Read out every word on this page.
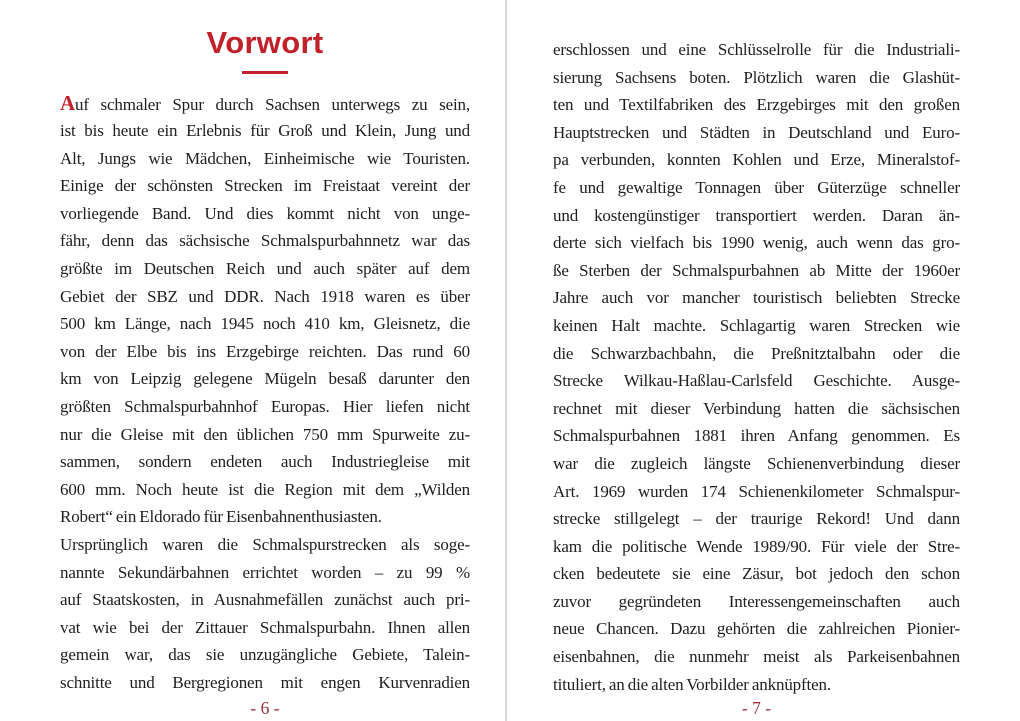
Vorwort
Auf schmaler Spur durch Sachsen unterwegs zu sein,
ist bis heute ein Erlebnis für Groß und Klein, Jung und
Alt, Jungs wie Mädchen, Einheimische wie Touristen.
Einige der schönsten Strecken im Freistaat vereint der
vorliegende Band. Und dies kommt nicht von unge-
fähr, denn das sächsische Schmalspurbahnnetz war das
größte im Deutschen Reich und auch später auf dem
Gebiet der SBZ und DDR. Nach 1918 waren es über
500 km Länge, nach 1945 noch 410 km, Gleisnetz, die
von der Elbe bis ins Erzgebirge reichten. Das rund 60
km von Leipzig gelegene Mügeln besaß darunter den
größten Schmalspurbahnhof Europas. Hier liefen nicht
nur die Gleise mit den üblichen 750 mm Spurweite zu-
sammen, sondern endeten auch Industriegleise mit
600 mm. Noch heute ist die Region mit dem „Wilden
Robert“ ein Eldorado für Eisenbahnenthusiasten.
Ursprünglich waren die Schmalspurstrecken als soge-
nannte Sekundärbahnen errichtet worden – zu 99 %
auf Staatskosten, in Ausnahmefällen zunächst auch pri-
vat wie bei der Zittauer Schmalspurbahn. Ihnen allen
gemein war, das sie unzugängliche Gebiete, Talein-
schnitte und Bergregionen mit engen Kurvenradien
- 6 -
erschlossen und eine Schlüsselrolle für die Industriali-
sierung Sachsens boten. Plötzlich waren die Glashüt-
ten und Textilfabriken des Erzgebirges mit den großen
Hauptstrecken und Städten in Deutschland und Euro-
pa verbunden, konnten Kohlen und Erze, Mineralstof-
fe und gewaltige Tonnagen über Güterzüge schneller
und kostengünstiger transportiert werden. Daran än-
derte sich vielfach bis 1990 wenig, auch wenn das gro-
ße Sterben der Schmalspurbahnen ab Mitte der 1960er
Jahre auch vor mancher touristisch beliebten Strecke
keinen Halt machte. Schlagartig waren Strecken wie
die Schwarzbachbahn, die Preßnitztalbahn oder die
Strecke Wilkau-Haßlau-Carlsfeld Geschichte. Ausge-
rechnet mit dieser Verbindung hatten die sächsischen
Schmalspurbahnen 1881 ihren Anfang genommen. Es
war die zugleich längste Schienenverbindung dieser
Art. 1969 wurden 174 Schienenkilometer Schmalspur-
strecke stillgelegt – der traurige Rekord! Und dann
kam die politische Wende 1989/90. Für viele der Stre-
cken bedeutete sie eine Zäsur, bot jedoch den schon
zuvor gegründeten Interessengemeinschaften auch
neue Chancen. Dazu gehörten die zahlreichen Pionier-
eisenbahnen, die nunmehr meist als Parkeisenbahnen
tituliert, an die alten Vorbilder anknüpften.
- 7 -
